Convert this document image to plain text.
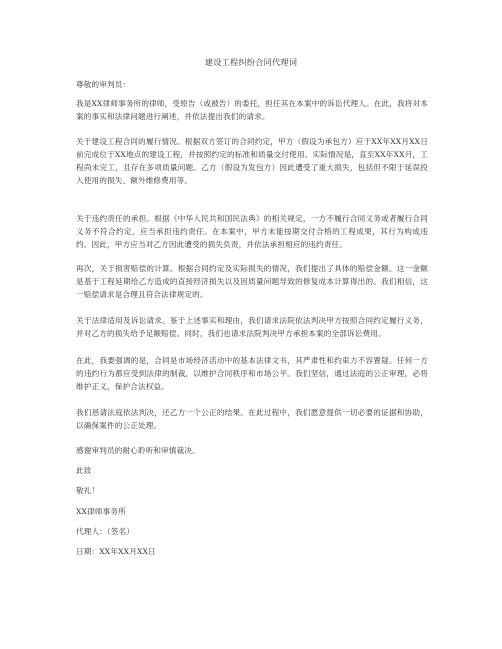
建设工程纠纷合同代理词

尊敬的审判员：

我是XX律师事务所的律师，受原告（或被告）的委托，担任其在本案中的诉讼代理人。在此，我将对本案的事实和法律问题进行阐述，并依法提出我们的请求。

关于建设工程合同的履行情况。根据双方签订的合同约定，甲方（假设为承包方）应于XX年XX月XX日前完成位于XX地点的建设工程，并按照约定的标准和质量交付使用。实际情况是，直至XX年XX月，工程尚未完工，且存在多项质量问题。乙方（假设为发包方）因此遭受了重大损失，包括但不限于延误投入使用的损失、额外维修费用等。

关于违约责任的承担。根据《中华人民共和国民法典》的相关规定，一方不履行合同义务或者履行合同义务不符合约定，应当承担违约责任。在本案中，甲方未能按期交付合格的工程成果，其行为构成违约。因此，甲方应当对乙方因此遭受的损失负责，并依法承担相应的违约责任。

再次，关于损害赔偿的计算。根据合同约定及实际损失的情况，我们提出了具体的赔偿金额。这一金额是基于工程延期给乙方造成的直接经济损失以及因质量问题导致的修复成本计算得出的。我们相信，这一赔偿请求是合理且符合法律规定的。

关于法律适用及诉讼请求。鉴于上述事实和理由，我们请求法院依法判决甲方按照合同约定履行义务，并对乙方的损失给予足额赔偿。同时，我们也请求法院判决甲方承担本案的全部诉讼费用。

在此，我要强调的是，合同是市场经济活动中的基本法律文书，其严肃性和约束力不容置疑。任何一方的违约行为都应受到法律的制裁，以维护合同秩序和市场公平。我们坚信，通过法庭的公正审理，必将维护正义，保护合法权益。

我们恳请法庭依法判决，还乙方一个公正的结果。在此过程中，我们愿意提供一切必要的证据和协助，以确保案件的公正处理。

感谢审判员的耐心聆听和审慎裁决。

此致

敬礼！

XX律师事务所

代理人：（签名）

日期：XX年XX月XX日
